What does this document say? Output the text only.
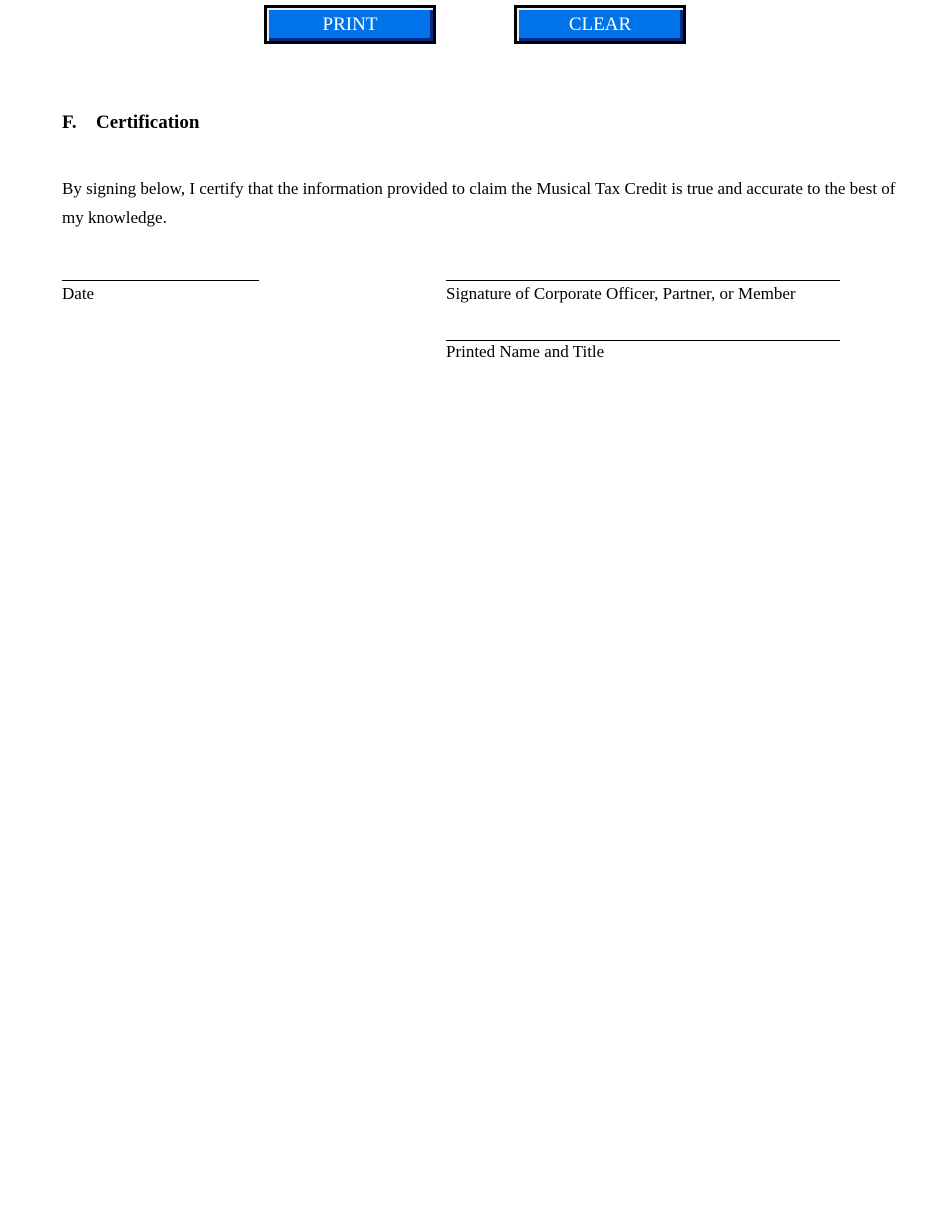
PRINT	CLEAR
F. Certification
By signing below, I certify that the information provided to claim the Musical Tax Credit is true and accurate to the best of my knowledge.
Date	Signature of Corporate Officer, Partner, or Member
Printed Name and Title
